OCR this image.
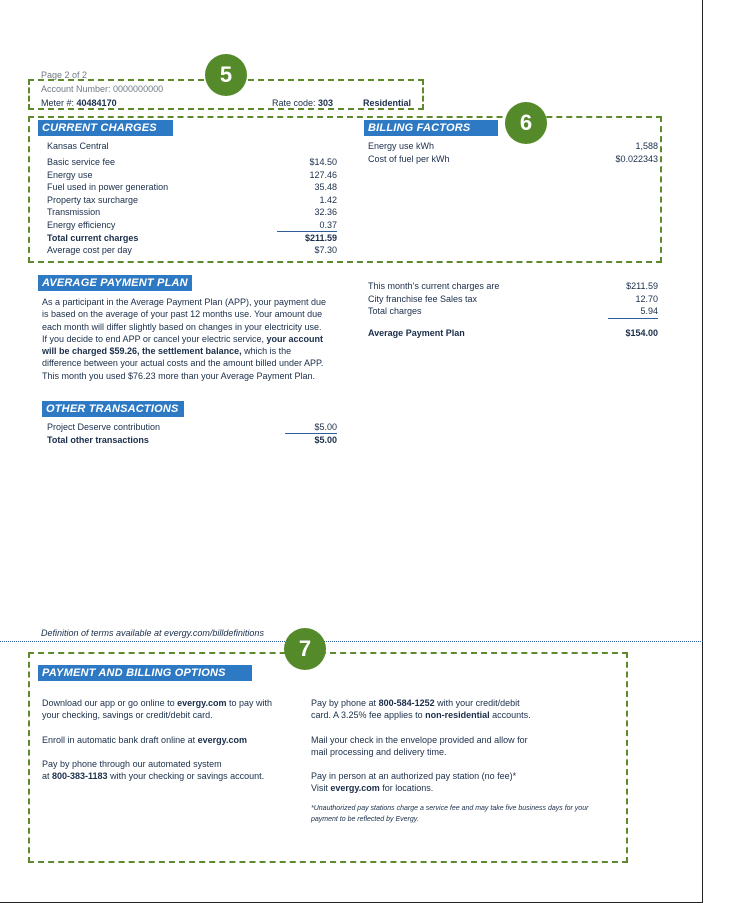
Page 2 of 2
Account Number: 0000000000
Meter #: 40484170	Rate code: 303	Residential
5
6
CURRENT CHARGES
Kansas Central
Basic service fee	$14.50
Energy use	127.46
Fuel used in power generation	35.48
Property tax surcharge	1.42
Transmission	32.36
Energy efficiency	0.37
Total current charges	$211.59
Average cost per day	$7.30
BILLING FACTORS
Energy use kWh	1,588
Cost of fuel per kWh	$0.022343
AVERAGE PAYMENT PLAN
As a participant in the Average Payment Plan (APP), your payment due
is based on the average of your past 12 months use. Your amount due
each month will differ slightly based on changes in your electricity use.
If you decide to end APP or cancel your electric service, your account
will be charged $59.26, the settlement balance, which is the
difference between your actual costs and the amount billed under APP.
This month you used $76.23 more than your Average Payment Plan.
This month’s current charges are	$211.59
City franchise fee Sales tax	12.70
Total charges	5.94
Average Payment Plan	$154.00
OTHER TRANSACTIONS
Project Deserve contribution	$5.00
Total other transactions	$5.00
Definition of terms available at evergy.com/billdefinitions
7
PAYMENT AND BILLING OPTIONS
Download our app or go online to evergy.com to pay with
your checking, savings or credit/debit card.
Enroll in automatic bank draft online at evergy.com
Pay by phone through our automated system
at 800-383-1183 with your checking or savings account.
Pay by phone at 800-584-1252 with your credit/debit
card. A 3.25% fee applies to non-residential accounts.
Mail your check in the envelope provided and allow for
mail processing and delivery time.
Pay in person at an authorized pay station (no fee)*
Visit evergy.com for locations.
*Unauthorized pay stations charge a service fee and may take five business days for your
payment to be reflected by Evergy.
